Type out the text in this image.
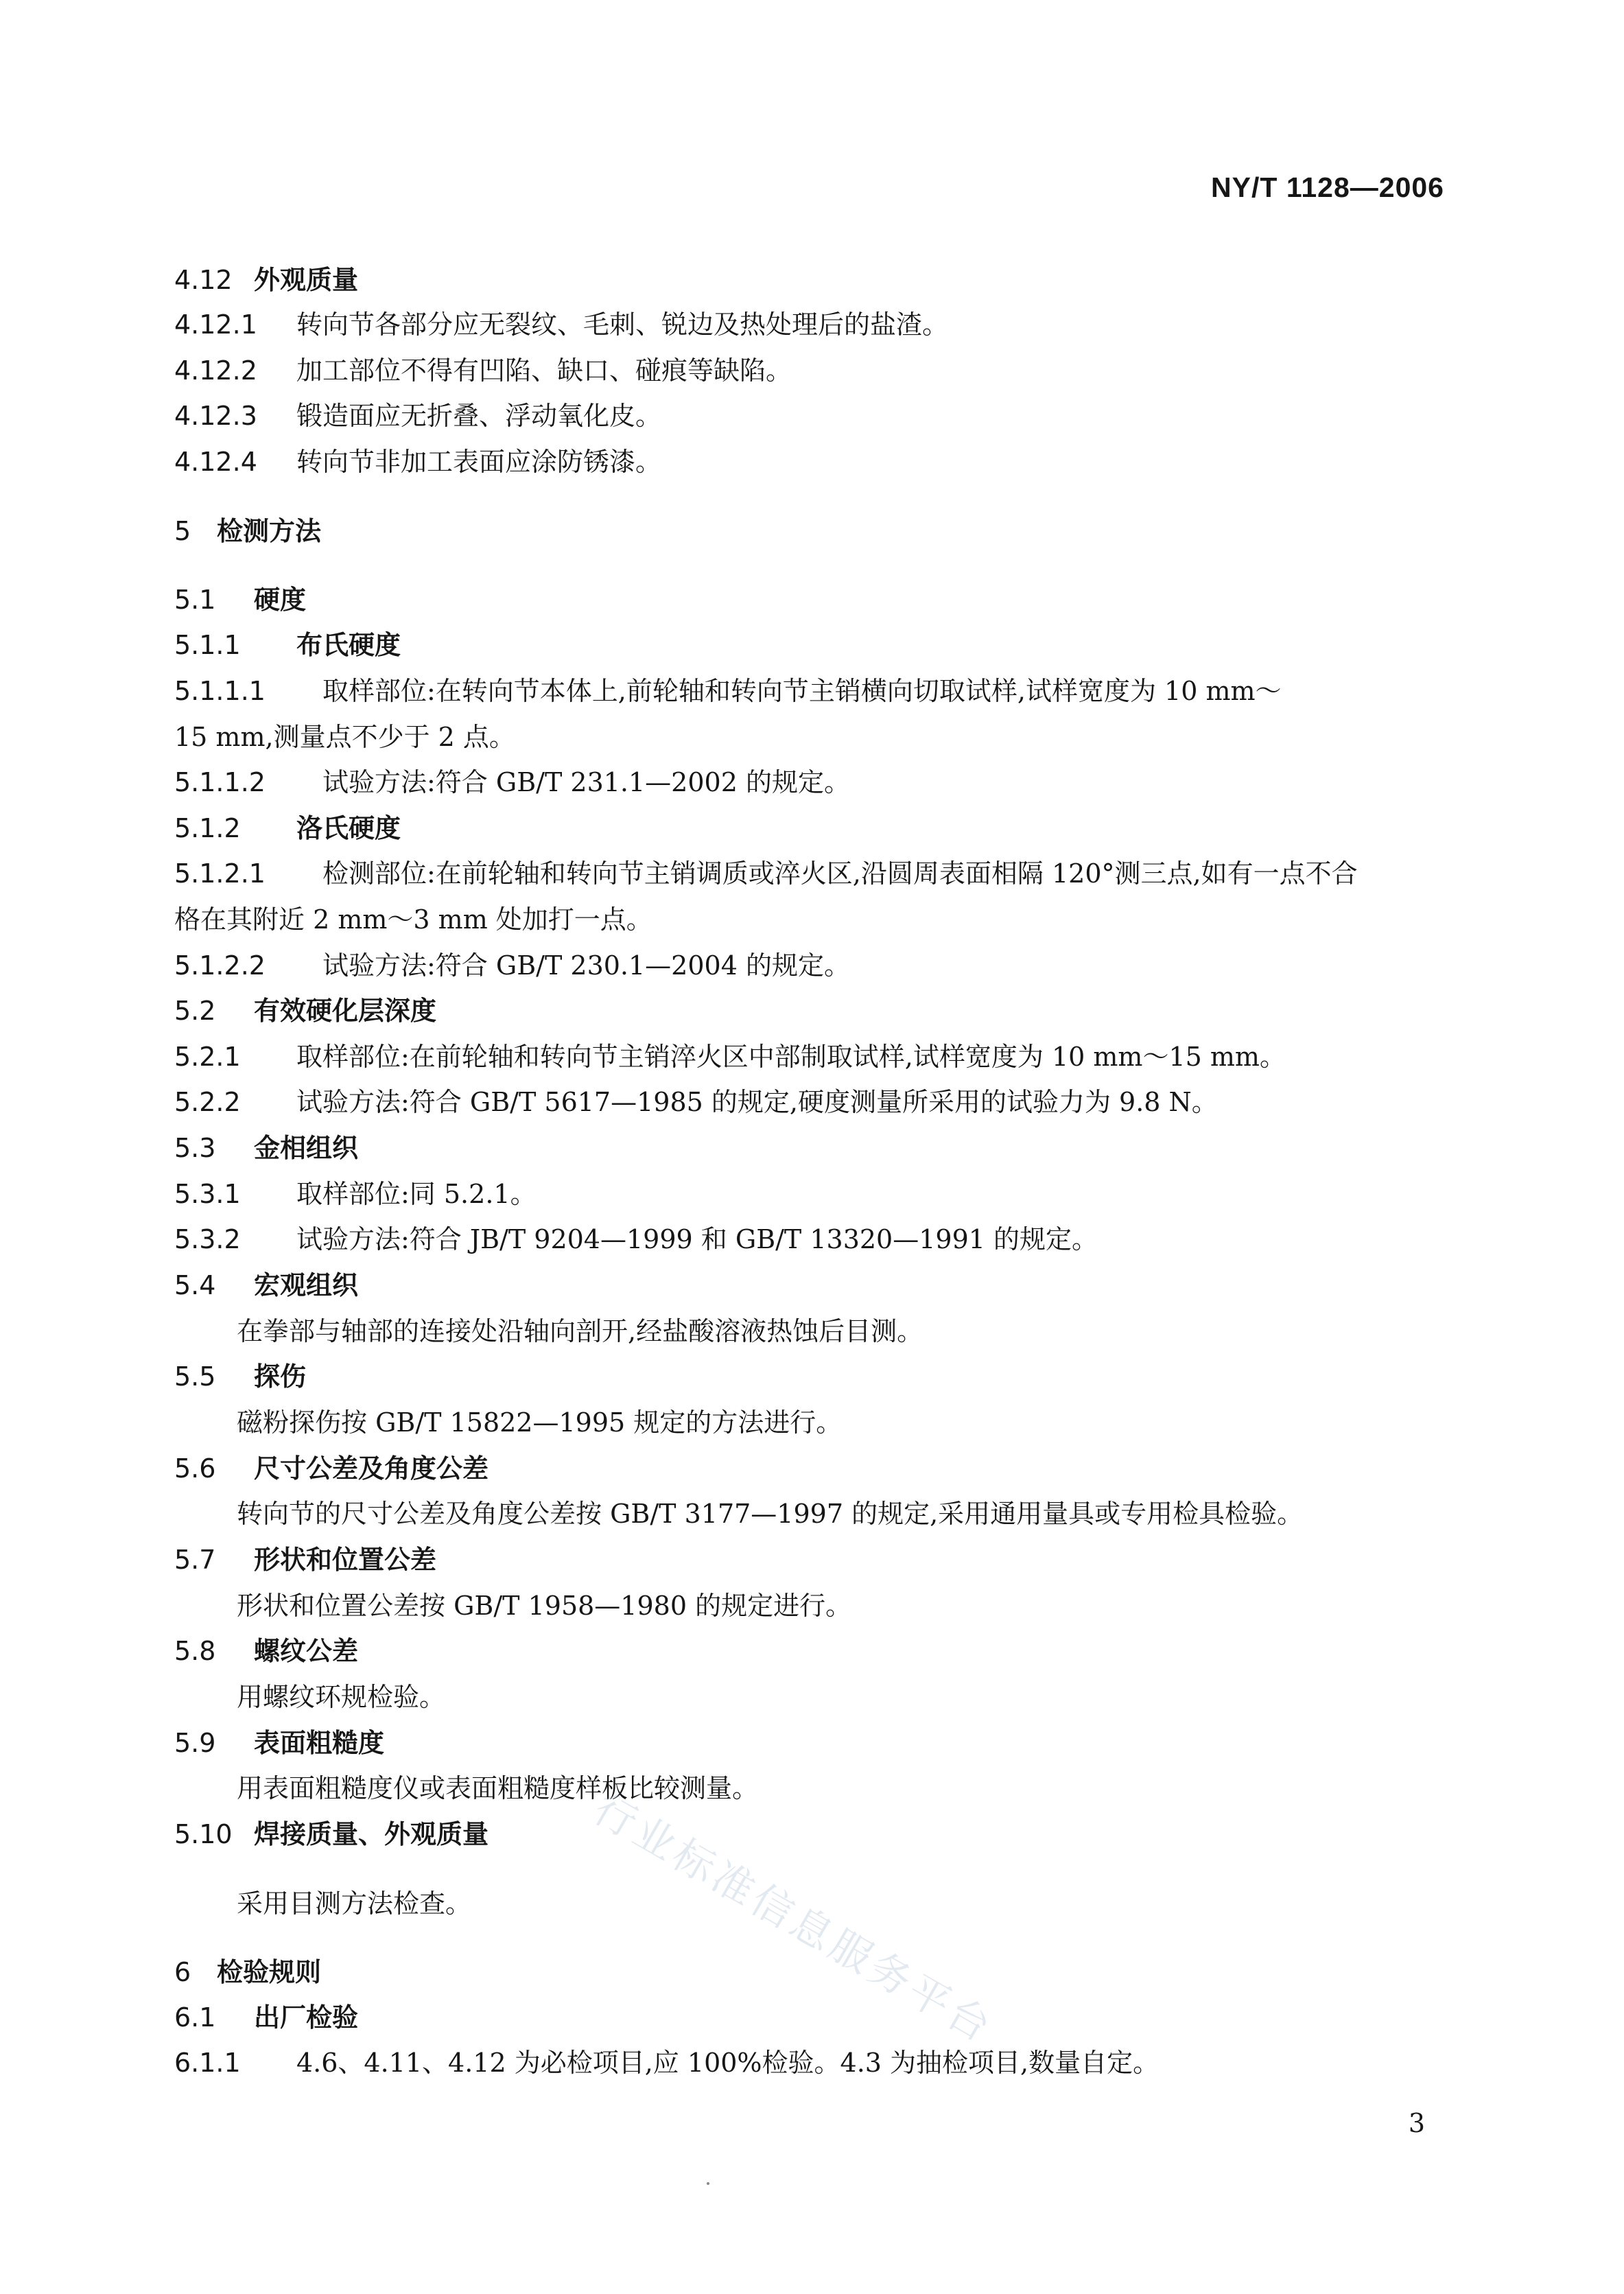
NY/T 1128—2006
4.12 外观质量
4.12.1 转向节各部分应无裂纹、毛刺、锐边及热处理后的盐渣。
4.12.2 加工部位不得有凹陷、缺口、碰痕等缺陷。
4.12.3 锻造面应无折叠、浮动氧化皮。
4.12.4 转向节非加工表面应涂防锈漆。
5 检测方法
5.1 硬度
5.1.1 布氏硬度
5.1.1.1 取样部位:在转向节本体上,前轮轴和转向节主销横向切取试样,试样宽度为 10 mm～
15 mm,测量点不少于 2 点。
5.1.1.2 试验方法:符合 GB/T 231.1—2002 的规定。
5.1.2 洛氏硬度
5.1.2.1 检测部位:在前轮轴和转向节主销调质或淬火区,沿圆周表面相隔 120°测三点,如有一点不合
格在其附近 2 mm～3 mm 处加打一点。
5.1.2.2 试验方法:符合 GB/T 230.1—2004 的规定。
5.2 有效硬化层深度
5.2.1 取样部位:在前轮轴和转向节主销淬火区中部制取试样,试样宽度为 10 mm～15 mm。
5.2.2 试验方法:符合 GB/T 5617—1985 的规定,硬度测量所采用的试验力为 9.8 N。
5.3 金相组织
5.3.1 取样部位:同 5.2.1。
5.3.2 试验方法:符合 JB/T 9204—1999 和 GB/T 13320—1991 的规定。
5.4 宏观组织
在拳部与轴部的连接处沿轴向剖开,经盐酸溶液热蚀后目测。
5.5 探伤
磁粉探伤按 GB/T 15822—1995 规定的方法进行。
5.6 尺寸公差及角度公差
转向节的尺寸公差及角度公差按 GB/T 3177—1997 的规定,采用通用量具或专用检具检验。
5.7 形状和位置公差
形状和位置公差按 GB/T 1958—1980 的规定进行。
5.8 螺纹公差
用螺纹环规检验。
5.9 表面粗糙度
用表面粗糙度仪或表面粗糙度样板比较测量。
5.10 焊接质量、外观质量
采用目测方法检查。
6 检验规则
6.1 出厂检验
6.1.1 4.6、4.11、4.12 为必检项目,应 100%检验。4.3 为抽检项目,数量自定。
行业标准信息服务平台
3
